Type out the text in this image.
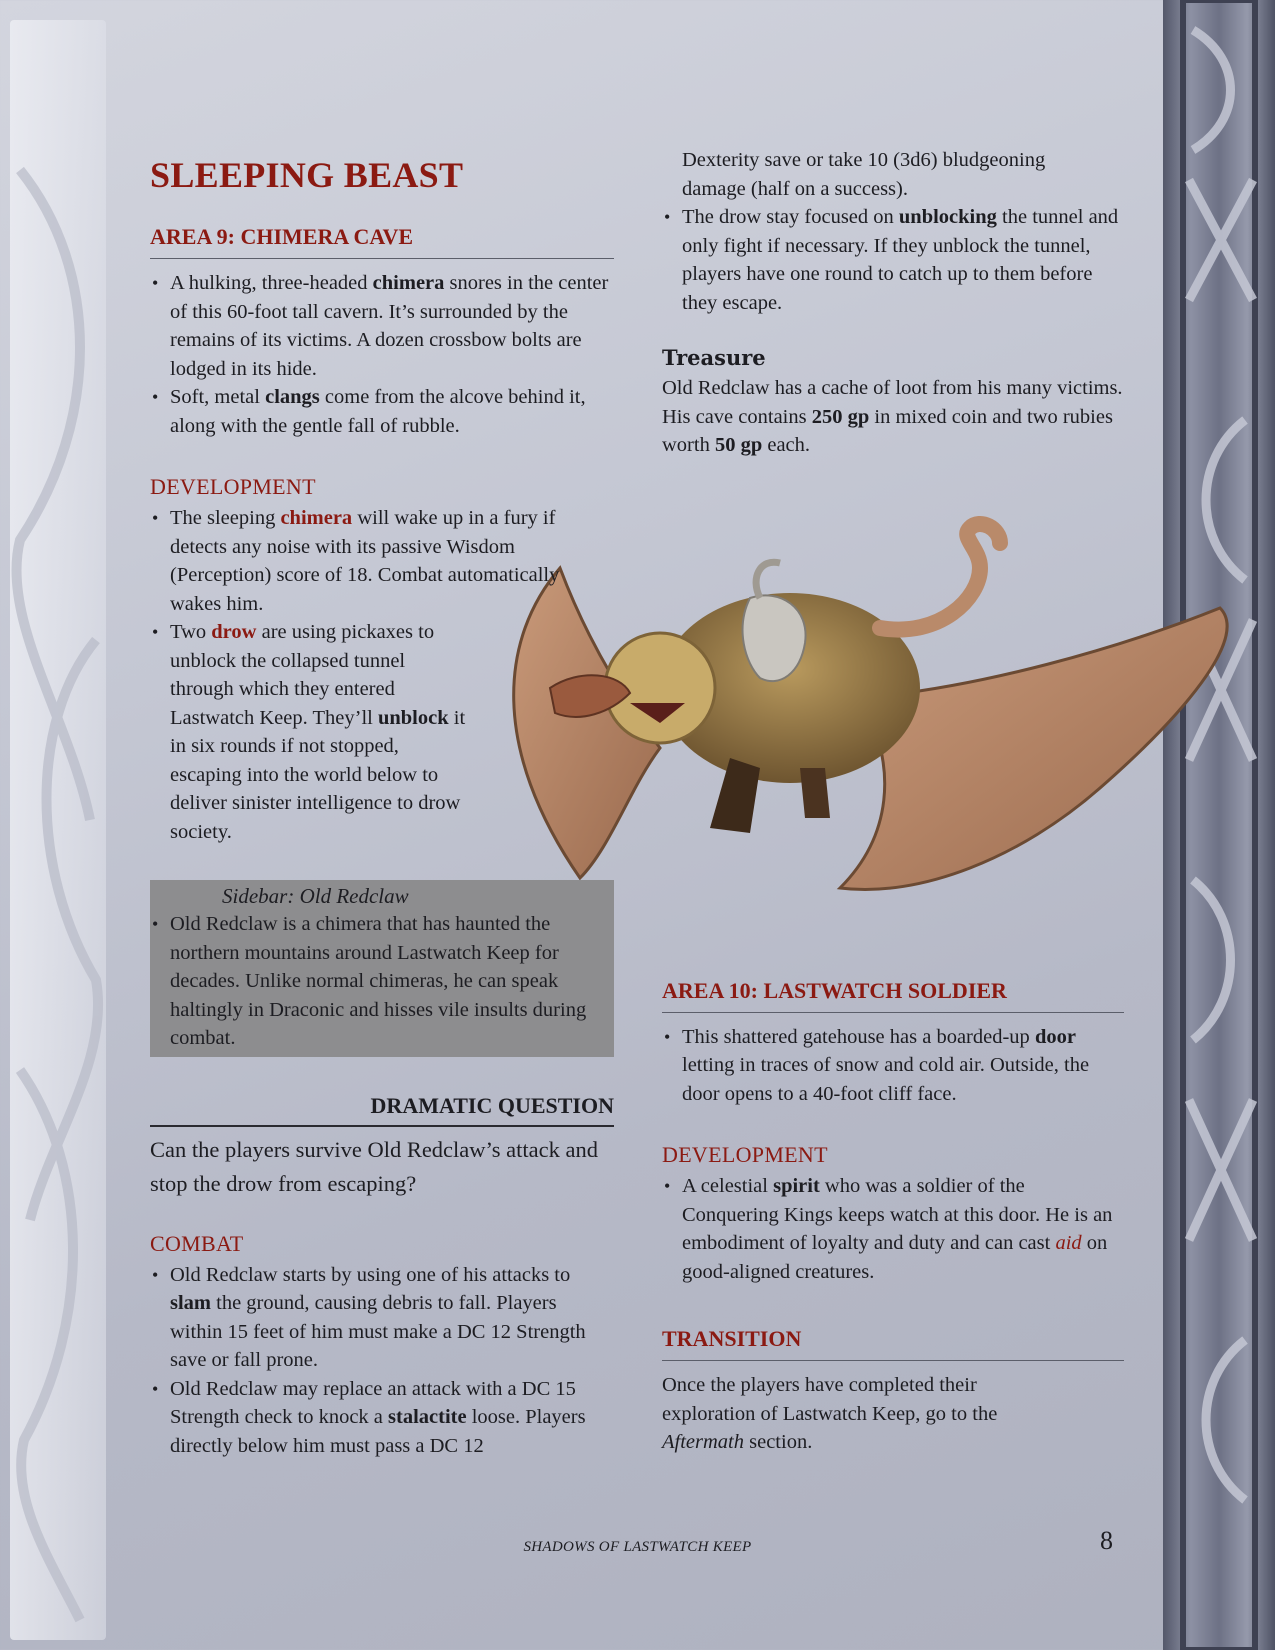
SLEEPING BEAST
AREA 9: CHIMERA CAVE
• A hulking, three-headed chimera snores in the center of this 60-foot tall cavern. It’s surrounded by the remains of its victims. A dozen crossbow bolts are lodged in its hide.
• Soft, metal clangs come from the alcove behind it, along with the gentle fall of rubble.
DEVELOPMENT
• The sleeping chimera will wake up in a fury if detects any noise with its passive Wisdom (Perception) score of 18. Combat automatically wakes him.
• Two drow are using pickaxes to unblock the collapsed tunnel through which they entered Lastwatch Keep. They’ll unblock it in six rounds if not stopped, escaping into the world below to deliver sinister intelligence to drow society.
Sidebar: Old Redclaw
• Old Redclaw is a chimera that has haunted the northern mountains around Lastwatch Keep for decades. Unlike normal chimeras, he can speak haltingly in Draconic and hisses vile insults during combat.
DRAMATIC QUESTION
Can the players survive Old Redclaw’s attack and stop the drow from escaping?
COMBAT
• Old Redclaw starts by using one of his attacks to slam the ground, causing debris to fall. Players within 15 feet of him must make a DC 12 Strength save or fall prone.
• Old Redclaw may replace an attack with a DC 15 Strength check to knock a stalactite loose. Players directly below him must pass a DC 12
Dexterity save or take 10 (3d6) bludgeoning damage (half on a success).
• The drow stay focused on unblocking the tunnel and only fight if necessary. If they unblock the tunnel, players have one round to catch up to them before they escape.
Treasure
Old Redclaw has a cache of loot from his many victims. His cave contains 250 gp in mixed coin and two rubies worth 50 gp each.
AREA 10: LASTWATCH SOLDIER
• This shattered gatehouse has a boarded-up door letting in traces of snow and cold air. Outside, the door opens to a 40-foot cliff face.
DEVELOPMENT
• A celestial spirit who was a soldier of the Conquering Kings keeps watch at this door. He is an embodiment of loyalty and duty and can cast aid on good-aligned creatures.
TRANSITION
Once the players have completed their exploration of Lastwatch Keep, go to the Aftermath section.
SHADOWS OF LASTWATCH KEEP	8
